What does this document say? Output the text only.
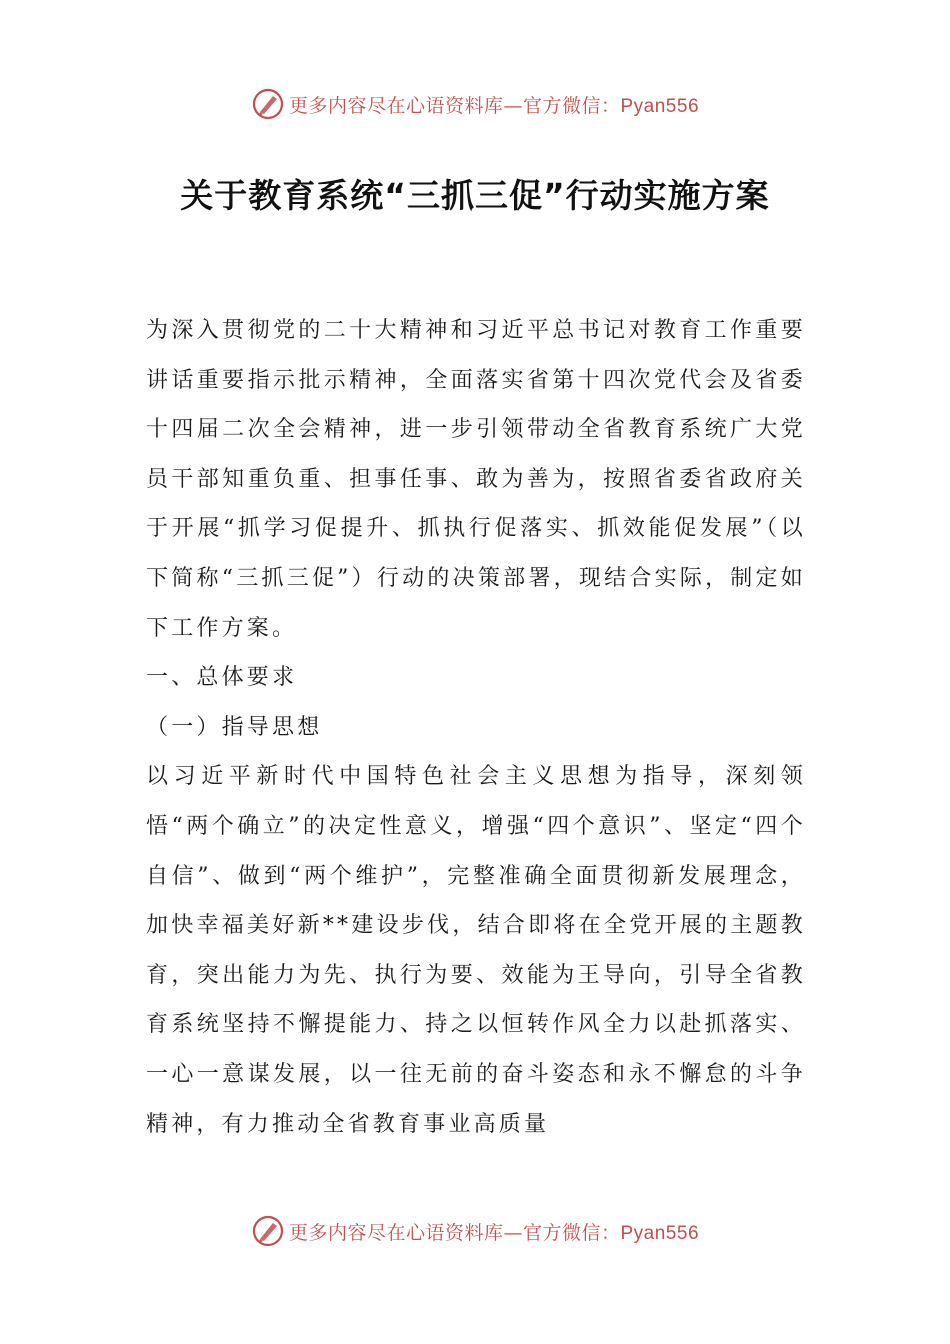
更多内容尽在心语资料库—官方微信：Pyan556
关于教育系统“三抓三促”行动实施方案

为深入贯彻党的二十大精神和习近平总书记对教育工作重要讲话重要指示批示精神，全面落实省第十四次党代会及省委十四届二次全会精神，进一步引领带动全省教育系统广大党员干部知重负重、担事任事、敢为善为，按照省委省政府关于开展“抓学习促提升、抓执行促落实、抓效能促发展”（以下简称“三抓三促”）行动的决策部署，现结合实际，制定如下工作方案。

一、总体要求

（一）指导思想

以习近平新时代中国特色社会主义思想为指导，深刻领悟“两个确立”的决定性意义，增强“四个意识”、坚定“四个自信”、做到“两个维护”，完整准确全面贯彻新发展理念，加快幸福美好新**建设步伐，结合即将在全党开展的主题教育，突出能力为先、执行为要、效能为王导向，引导全省教育系统坚持不懈提能力、持之以恒转作风全力以赴抓落实、一心一意谋发展，以一往无前的奋斗姿态和永不懈怠的斗争精神，有力推动全省教育事业高质量

更多内容尽在心语资料库—官方微信：Pyan556
